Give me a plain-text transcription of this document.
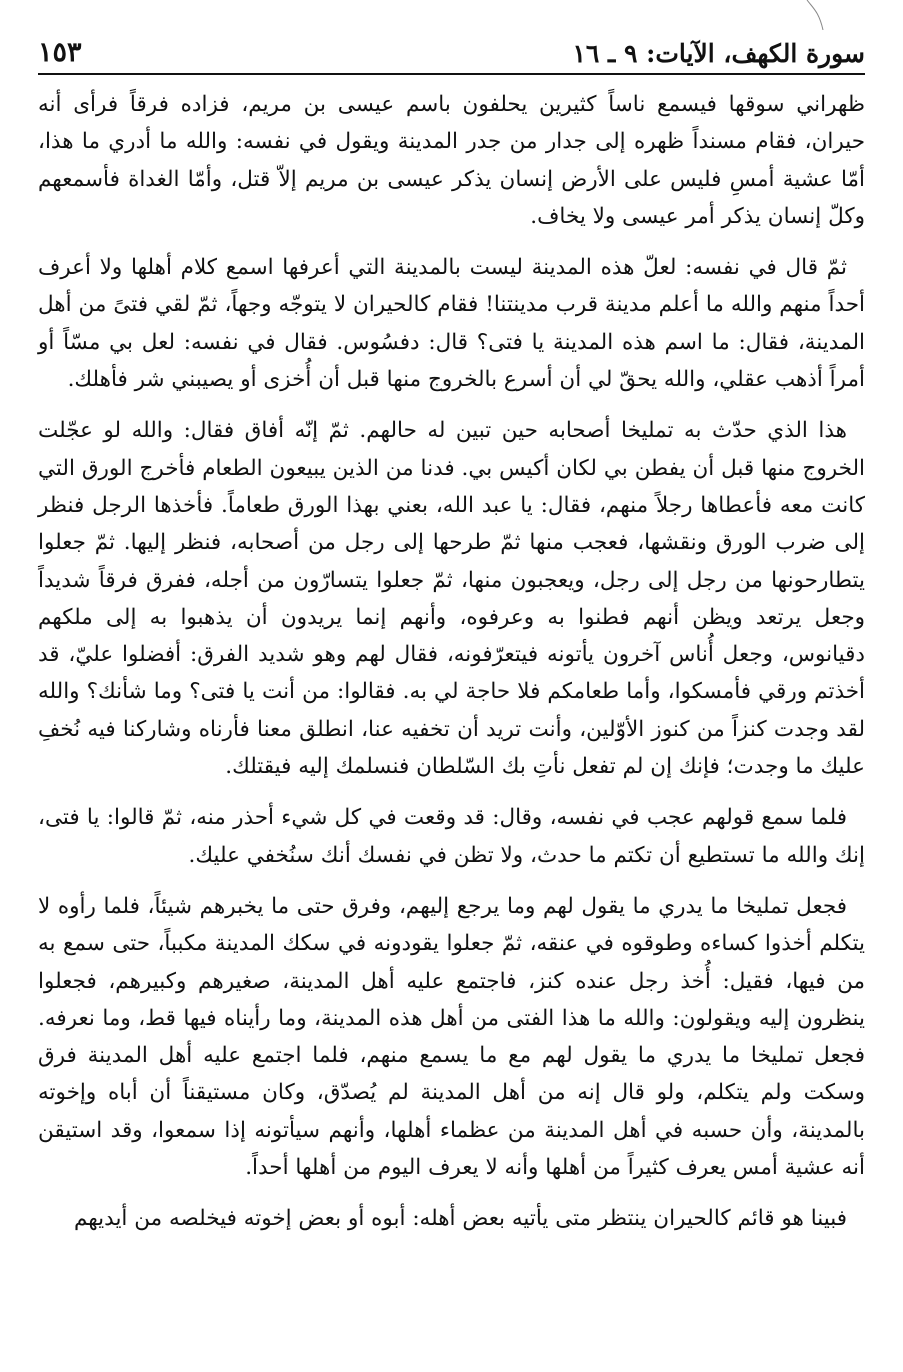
سورة الكهف، الآيات: ٩ ـ ١٦
١٥٣

ظهراني سوقها فيسمع ناساً كثيرين يحلفون باسم عيسى بن مريم، فزاده فرقاً فرأى أنه حيران، فقام مسنداً ظهره إلى جدار من جدر المدينة ويقول في نفسه: والله ما أدري ما هذا، أمّا عشية أمسِ فليس على الأرض إنسان يذكر عيسى بن مريم إلاّ قتل، وأمّا الغداة فأسمعهم وكلّ إنسان يذكر أمر عيسى ولا يخاف.

ثمّ قال في نفسه: لعلّ هذه المدينة ليست بالمدينة التي أعرفها اسمع كلام أهلها ولا أعرف أحداً منهم والله ما أعلم مدينة قرب مدينتنا! فقام كالحيران لا يتوجّه وجهاً، ثمّ لقي فتىً من أهل المدينة، فقال: ما اسم هذه المدينة يا فتى؟ قال: دفسُوس. فقال في نفسه: لعل بي مسّاً أو أمراً أذهب عقلي، والله يحقّ لي أن أسرع بالخروج منها قبل أن أُخزى أو يصيبني شر فأهلك.

هذا الذي حدّث به تمليخا أصحابه حين تبين له حالهم. ثمّ إنّه أفاق فقال: والله لو عجّلت الخروج منها قبل أن يفطن بي لكان أكيس بي. فدنا من الذين يبيعون الطعام فأخرج الورق التي كانت معه فأعطاها رجلاً منهم، فقال: يا عبد الله، بعني بهذا الورق طعاماً. فأخذها الرجل فنظر إلى ضرب الورق ونقشها، فعجب منها ثمّ طرحها إلى رجل من أصحابه، فنظر إليها. ثمّ جعلوا يتطارحونها من رجل إلى رجل، ويعجبون منها، ثمّ جعلوا يتسارّون من أجله، ففرق فرقاً شديداً وجعل يرتعد ويظن أنهم فطنوا به وعرفوه، وأنهم إنما يريدون أن يذهبوا به إلى ملكهم دقيانوس، وجعل أُناس آخرون يأتونه فيتعرّفونه، فقال لهم وهو شديد الفرق: أفضلوا عليّ، قد أخذتم ورقي فأمسكوا، وأما طعامكم فلا حاجة لي به. فقالوا: من أنت يا فتى؟ وما شأنك؟ والله لقد وجدت كنزاً من كنوز الأوّلين، وأنت تريد أن تخفيه عنا، انطلق معنا فأرناه وشاركنا فيه نُخفِ عليك ما وجدت؛ فإنك إن لم تفعل نأتِ بك السّلطان فنسلمك إليه فيقتلك.

فلما سمع قولهم عجب في نفسه، وقال: قد وقعت في كل شيء أحذر منه، ثمّ قالوا: يا فتى، إنك والله ما تستطيع أن تكتم ما حدث، ولا تظن في نفسك أنك سنُخفي عليك.

فجعل تمليخا ما يدري ما يقول لهم وما يرجع إليهم، وفرق حتى ما يخبرهم شيئاً، فلما رأوه لا يتكلم أخذوا كساءه وطوقوه في عنقه، ثمّ جعلوا يقودونه في سكك المدينة مكبباً، حتى سمع به من فيها، فقيل: أُخذ رجل عنده كنز، فاجتمع عليه أهل المدينة، صغيرهم وكبيرهم، فجعلوا ينظرون إليه ويقولون: والله ما هذا الفتى من أهل هذه المدينة، وما رأيناه فيها قط، وما نعرفه. فجعل تمليخا ما يدري ما يقول لهم مع ما يسمع منهم، فلما اجتمع عليه أهل المدينة فرق وسكت ولم يتكلم، ولو قال إنه من أهل المدينة لم يُصدّق، وكان مستيقناً أن أباه وإخوته بالمدينة، وأن حسبه في أهل المدينة من عظماء أهلها، وأنهم سيأتونه إذا سمعوا، وقد استيقن أنه عشية أمس يعرف كثيراً من أهلها وأنه لا يعرف اليوم من أهلها أحداً.

فبينا هو قائم كالحيران ينتظر متى يأتيه بعض أهله: أبوه أو بعض إخوته فيخلصه من أيديهم
